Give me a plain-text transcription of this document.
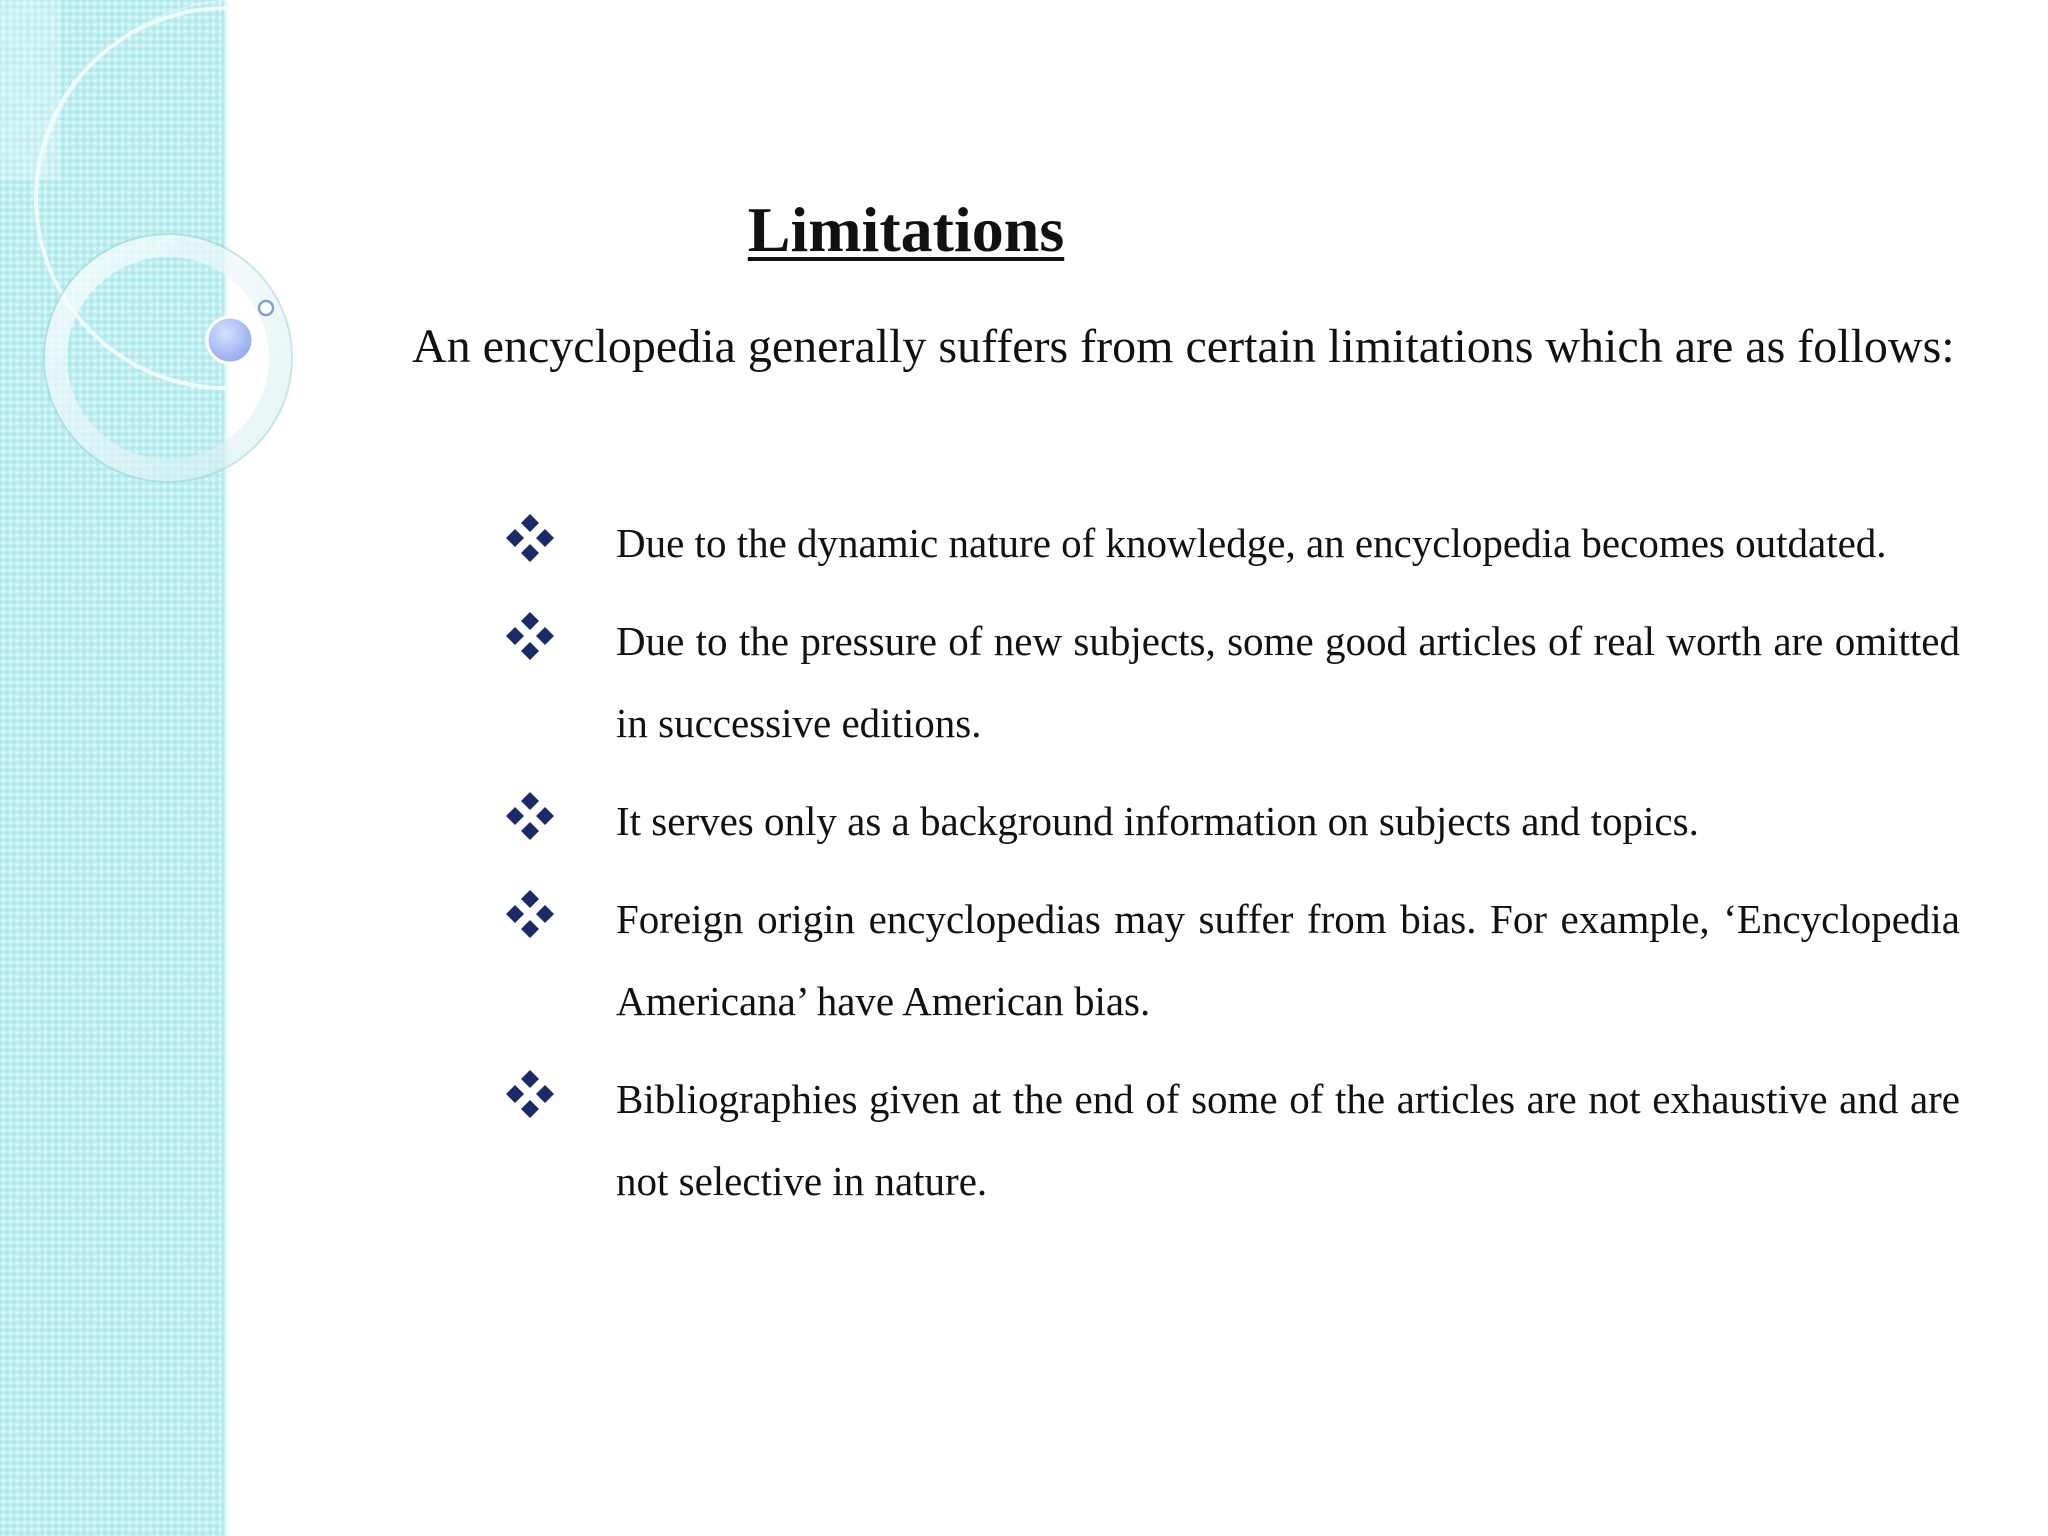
Limitations

An encyclopedia generally suffers from certain limitations which are as follows:

Due to the dynamic nature of knowledge, an encyclopedia becomes outdated.
Due to the pressure of new subjects, some good articles of real worth are omitted in successive editions.
It serves only as a background information on subjects and topics.
Foreign origin encyclopedias may suffer from bias. For example, ‘Encyclopedia Americana’ have American bias.
Bibliographies given at the end of some of the articles are not exhaustive and are not selective in nature.
